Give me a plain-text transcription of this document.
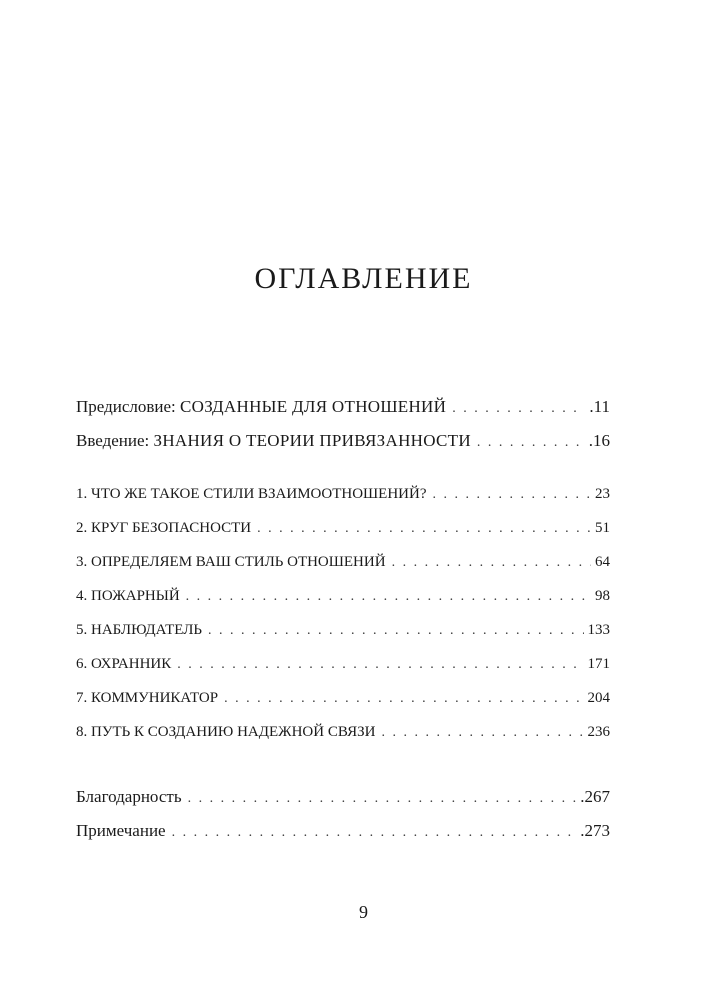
ОГЛАВЛЕНИЕ
Предисловие: СОЗДАННЫЕ ДЛЯ ОТНОШЕНИЙ . . .	.11
Введение: ЗНАНИЯ О ТЕОРИИ ПРИВЯЗАННОСТИ . . .	.16
1. ЧТО ЖЕ ТАКОЕ СТИЛИ ВЗАИМООТНОШЕНИЙ? . . .	23
2. КРУГ БЕЗОПАСНОСТИ . . .	51
3. ОПРЕДЕЛЯЕМ ВАШ СТИЛЬ ОТНОШЕНИЙ . . .	64
4. ПОЖАРНЫЙ . . .	98
5. НАБЛЮДАТЕЛЬ . . .	133
6. ОХРАННИК . . .	171
7. КОММУНИКАТОР . . .	204
8. ПУТЬ К СОЗДАНИЮ НАДЕЖНОЙ СВЯЗИ . . .	236
Благодарность . . .	.267
Примечание . . .	.273

9
